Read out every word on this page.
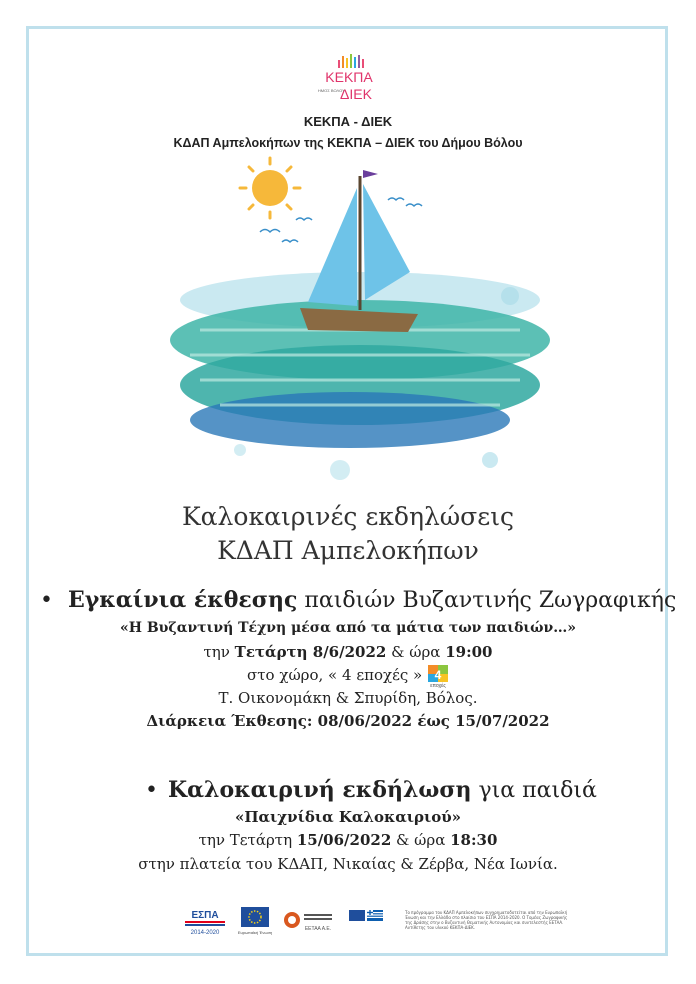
ΚΕΚΠΑ
ΔΙΕΚ
ΔΗΜΟΣ ΒΟΛΟΥ
ΚΕΚΠΑ - ΔΙΕΚ
ΚΔΑΠ Αμπελοκήπων της ΚΕΚΠΑ – ΔΙΕΚ του Δήμου Βόλου
Καλοκαιρινές εκδηλώσεις
ΚΔΑΠ Αμπελοκήπων
• Εγκαίνια έκθεσης παιδιών Βυζαντινής Ζωγραφικής
«Η Βυζαντινή Τέχνη μέσα από τα μάτια των παιδιών…»
την Τετάρτη 8/6/2022 & ώρα 19:00
στο χώρο, « 4 εποχές » 4
εποχές
Τ. Οικονομάκη & Σπυρίδη, Βόλος.
Διάρκεια Έκθεσης: 08/06/2022 έως 15/07/2022
• Καλοκαιρινή εκδήλωση για παιδιά
«Παιχνίδια Καλοκαιριού»
την Τετάρτη 15/06/2022 & ώρα 18:30
στην πλατεία του ΚΔΑΠ, Νικαίας & Ζέρβα, Νέα Ιωνία.
ΕΣΠΑ
2014-2020	Ευρωπαϊκή Ένωση
ΕΕΤΑΑ Α.Ε.
Το πρόγραμμα του ΚΔΑΠ Αμπελοκήπων συγχρηματοδοτείται από την Ευρωπαϊκή Ένωση και την Ελλάδα στο πλαίσιο του ΕΣΠΑ 2014-2020. Ο Τομέας Ζωγραφικής της Δράσης στην ο Βυζαντινή Θεματικής Αυτονομίας και συντελεστής ΕΕΤΑΑ. Αντίθετης του υλικού ΚΕΚΠΑ-ΔΙΕΚ.
